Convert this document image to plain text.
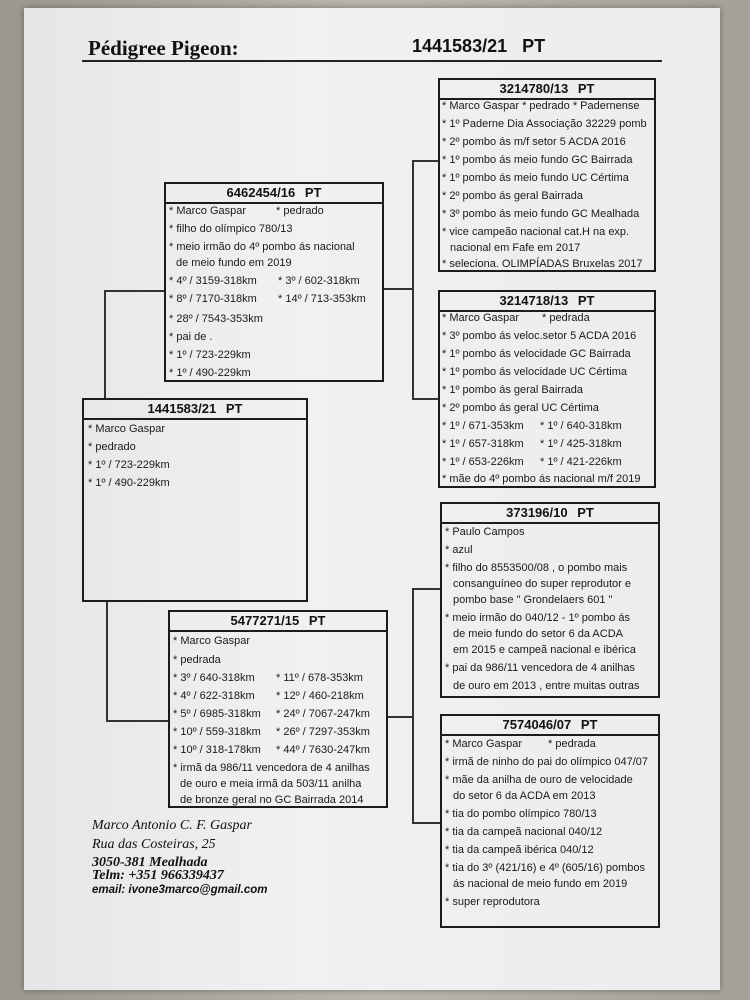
Pédigree Pigeon:	1441583/21 PT
1441583/21 PT
* Marco Gaspar
* pedrado
* 1º / 723-229km
* 1º / 490-229km
6462454/16 PT
* Marco Gaspar	* pedrado
* filho do olímpico 780/13
* meio irmão do 4º pombo ás nacional
de meio fundo em 2019
* 4º / 3159-318km * 3º / 602-318km
* 8º / 7170-318km * 14º / 713-353km
* 28º / 7543-353km
* pai de .
* 1º / 723-229km
* 1º / 490-229km
5477271/15 PT
* Marco Gaspar
* pedrada
* 3º / 640-318km * 11º / 678-353km
* 4º / 622-318km * 12º / 460-218km
* 5º / 6985-318km * 24º / 7067-247km
* 10º / 559-318km * 26º / 7297-353km
* 10º / 318-178km * 44º / 7630-247km
* irmã da 986/11 vencedora de 4 anilhas
de ouro e meia irmã da 503/11 anilha
de bronze geral no GC Bairrada 2014
3214780/13 PT
* Marco Gaspar * pedrado * Padernense
* 1º Paderne Dia Associação 32229 pomb
* 2º pombo ás m/f setor 5 ACDA 2016
* 1º pombo ás meio fundo GC Bairrada
* 1º pombo ás meio fundo UC Cértima
* 2º pombo ás geral Bairrada
* 3º pombo ás meio fundo GC Mealhada
* vice campeão nacional cat.H na exp.
nacional em Fafe em 2017
* seleciona. OLIMPÍADAS Bruxelas 2017
3214718/13 PT
* Marco Gaspar * pedrada
* 3º pombo ás veloc.setor 5 ACDA 2016
* 1º pombo ás velocidade GC Bairrada
* 1º pombo ás velocidade UC Cértima
* 1º pombo ás geral Bairrada
* 2º pombo ás geral UC Cértima
* 1º / 671-353km * 1º / 640-318km
* 1º / 657-318km * 1º / 425-318km
* 1º / 653-226km * 1º / 421-226km
* mãe do 4º pombo ás nacional m/f 2019
373196/10 PT
* Paulo Campos
* azul
* filho do 8553500/08 , o pombo mais
consanguíneo do super reprodutor e
pombo base " Grondelaers 601 "
* meio irmão do 040/12 - 1º pombo ás
de meio fundo do setor 6 da ACDA
em 2015 e campeã nacional e ibérica
* pai da 986/11 vencedora de 4 anilhas
de ouro em 2013 , entre muitas outras
7574046/07 PT
* Marco Gaspar * pedrada
* irmã de ninho do pai do olímpico 047/07
* mãe da anilha de ouro de velocidade
do setor 6 da ACDA em 2013
* tia do pombo olímpico 780/13
* tia da campeã nacional 040/12
* tia da campeã ibérica 040/12
* tia do 3º (421/16) e 4º (605/16) pombos
ás nacional de meio fundo em 2019
* super reprodutora
Marco Antonio C. F. Gaspar
Rua das Costeiras, 25
3050-381 Mealhada
Telm: +351 966339437
email: ivone3marco@gmail.com
